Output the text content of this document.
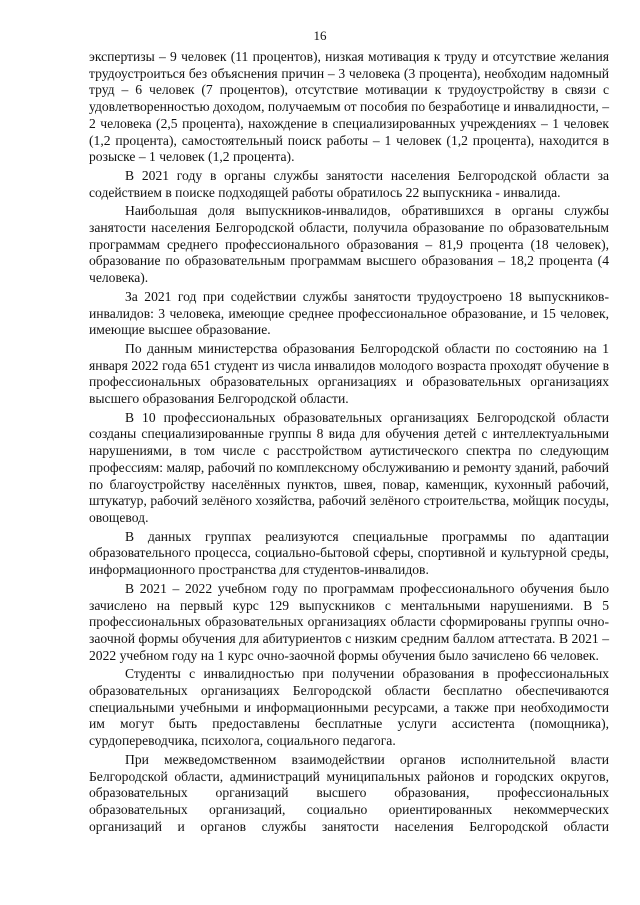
16

экспертизы – 9 человек (11 процентов), низкая мотивация к труду и отсутствие желания трудоустроиться без объяснения причин – 3 человека (3 процента), необходим надомный труд – 6 человек (7 процентов), отсутствие мотивации к трудоустройству в связи с удовлетворенностью доходом, получаемым от пособия по безработице и инвалидности, – 2 человека (2,5 процента), нахождение в специализированных учреждениях – 1 человек (1,2 процента), самостоятельный поиск работы – 1 человек (1,2 процента), находится в розыске – 1 человек (1,2 процента).

В 2021 году в органы службы занятости населения Белгородской области за содействием в поиске подходящей работы обратилось 22 выпускника - инвалида.

Наибольшая доля выпускников-инвалидов, обратившихся в органы службы занятости населения Белгородской области, получила образование по образовательным программам среднего профессионального образования – 81,9 процента (18 человек), образование по образовательным программам высшего образования – 18,2 процента (4 человека).

За 2021 год при содействии службы занятости трудоустроено 18 выпускников-инвалидов: 3 человека, имеющие среднее профессиональное образование, и 15 человек, имеющие высшее образование.

По данным министерства образования Белгородской области по состоянию на 1 января 2022 года 651 студент из числа инвалидов молодого возраста проходят обучение в профессиональных образовательных организациях и образовательных организациях высшего образования Белгородской области.

В 10 профессиональных образовательных организациях Белгородской области созданы специализированные группы 8 вида для обучения детей с интеллектуальными нарушениями, в том числе с расстройством аутистического спектра по следующим профессиям: маляр, рабочий по комплексному обслуживанию и ремонту зданий, рабочий по благоустройству населённых пунктов, швея, повар, каменщик, кухонный рабочий, штукатур, рабочий зелёного хозяйства, рабочий зелёного строительства, мойщик посуды, овощевод.

В данных группах реализуются специальные программы по адаптации образовательного процесса, социально-бытовой сферы, спортивной и культурной среды, информационного пространства для студентов-инвалидов.

В 2021 – 2022 учебном году по программам профессионального обучения было зачислено на первый курс 129 выпускников с ментальными нарушениями. В 5 профессиональных образовательных организациях области сформированы группы очно-заочной формы обучения для абитуриентов с низким средним баллом аттестата. В 2021 – 2022 учебном году на 1 курс очно-заочной формы обучения было зачислено 66 человек.

Студенты с инвалидностью при получении образования в профессиональных образовательных организациях Белгородской области бесплатно обеспечиваются специальными учебными и информационными ресурсами, а также при необходимости им могут быть предоставлены бесплатные услуги ассистента (помощника), сурдопереводчика, психолога, социального педагога.

При межведомственном взаимодействии органов исполнительной власти Белгородской области, администраций муниципальных районов и городских округов, образовательных организаций высшего образования, профессиональных образовательных организаций, социально ориентированных некоммерческих организаций и органов службы занятости населения Белгородской области
